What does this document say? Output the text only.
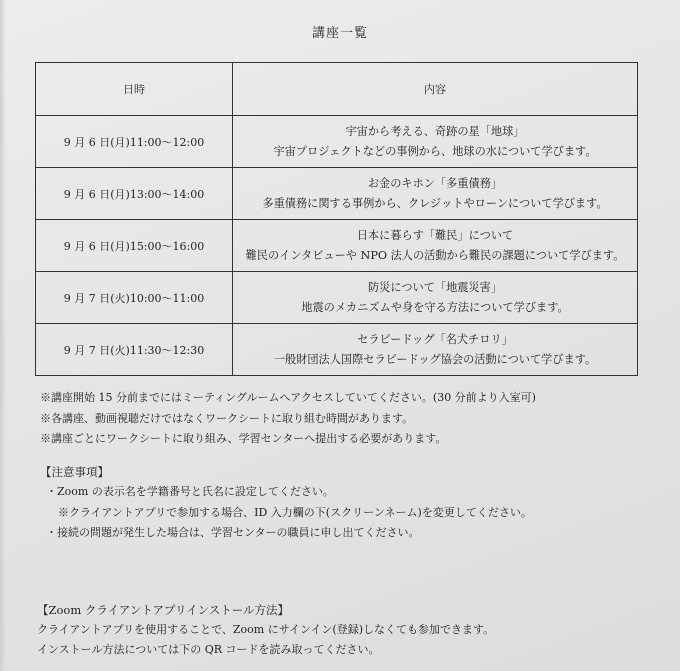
講座一覧
日時	内容
9 月 6 日(月)11:00～12:00	宇宙から考える、奇跡の星「地球」
宇宙プロジェクトなどの事例から、地球の水について学びます。

9 月 6 日(月)13:00～14:00	お金のキホン「多重債務」
多重債務に関する事例から、クレジットやローンについて学びます。

9 月 6 日(月)15:00～16:00	日本に暮らす「難民」について
難民のインタビューや NPO 法人の活動から難民の課題について学びます。

9 月 7 日(火)10:00～11:00	防災について「地震災害」
地震のメカニズムや身を守る方法について学びます。

9 月 7 日(火)11:30～12:30	セラピードッグ「名犬チロリ」
一般財団法人国際セラピードッグ協会の活動について学びます。
※講座開始 15 分前までにはミーティングルームへアクセスしていてください。(30 分前より入室可)
※各講座、動画視聴だけではなくワークシートに取り組む時間があります。
※講座ごとにワークシートに取り組み、学習センターへ提出する必要があります。
【注意事項】
・Zoom の表示名を学籍番号と氏名に設定してください。
※クライアントアプリで参加する場合、ID 入力欄の下(スクリーンネーム)を変更してください。
・接続の問題が発生した場合は、学習センターの職員に申し出てください。
【Zoom クライアントアプリインストール方法】
クライアントアプリを使用することで、Zoom にサインイン(登録)しなくても参加できます。
インストール方法については下の QR コードを読み取ってください。
